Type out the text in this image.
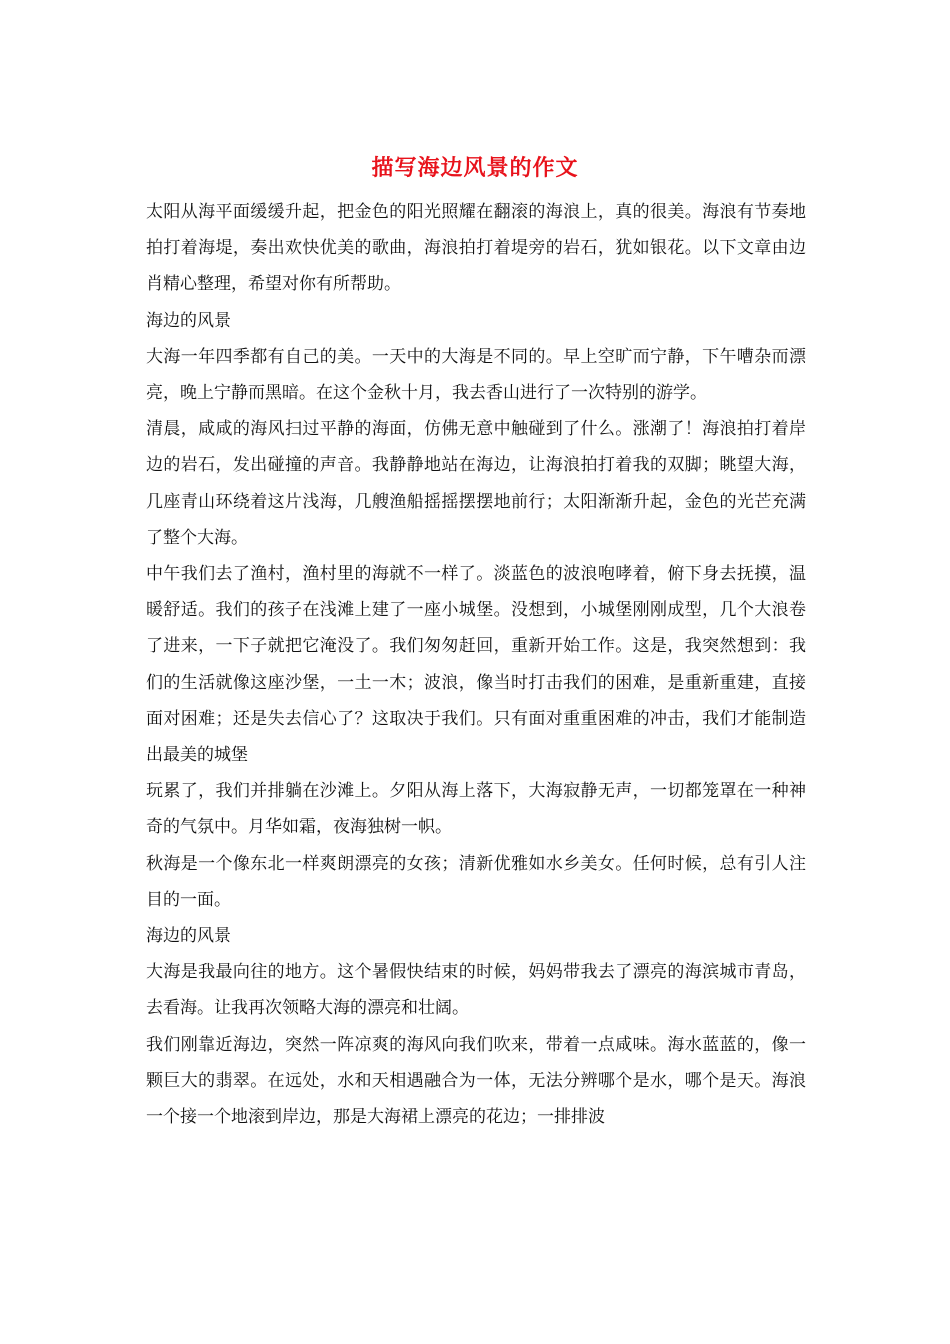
描写海边风景的作文

太阳从海平面缓缓升起，把金色的阳光照耀在翻滚的海浪上，真的很美。海浪有节奏地拍打着海堤，奏出欢快优美的歌曲，海浪拍打着堤旁的岩石，犹如银花。以下文章由边肖精心整理，希望对你有所帮助。

海边的风景

大海一年四季都有自己的美。一天中的大海是不同的。早上空旷而宁静，下午嘈杂而漂亮，晚上宁静而黑暗。在这个金秋十月，我去香山进行了一次特别的游学。

清晨，咸咸的海风扫过平静的海面，仿佛无意中触碰到了什么。涨潮了！海浪拍打着岸边的岩石，发出碰撞的声音。我静静地站在海边，让海浪拍打着我的双脚；眺望大海，几座青山环绕着这片浅海，几艘渔船摇摇摆摆地前行；太阳渐渐升起，金色的光芒充满了整个大海。

中午我们去了渔村，渔村里的海就不一样了。淡蓝色的波浪咆哮着，俯下身去抚摸，温暖舒适。我们的孩子在浅滩上建了一座小城堡。没想到，小城堡刚刚成型，几个大浪卷了进来，一下子就把它淹没了。我们匆匆赶回，重新开始工作。这是，我突然想到：我们的生活就像这座沙堡，一土一木；波浪，像当时打击我们的困难，是重新重建，直接面对困难；还是失去信心了？这取决于我们。只有面对重重困难的冲击，我们才能制造出最美的城堡

玩累了，我们并排躺在沙滩上。夕阳从海上落下，大海寂静无声，一切都笼罩在一种神奇的气氛中。月华如霜，夜海独树一帜。

秋海是一个像东北一样爽朗漂亮的女孩；清新优雅如水乡美女。任何时候，总有引人注目的一面。

海边的风景

大海是我最向往的地方。这个暑假快结束的时候，妈妈带我去了漂亮的海滨城市青岛，去看海。让我再次领略大海的漂亮和壮阔。

我们刚靠近海边，突然一阵凉爽的海风向我们吹来，带着一点咸味。海水蓝蓝的，像一颗巨大的翡翠。在远处，水和天相遇融合为一体，无法分辨哪个是水，哪个是天。海浪一个接一个地滚到岸边，那是大海裙上漂亮的花边；一排排波
